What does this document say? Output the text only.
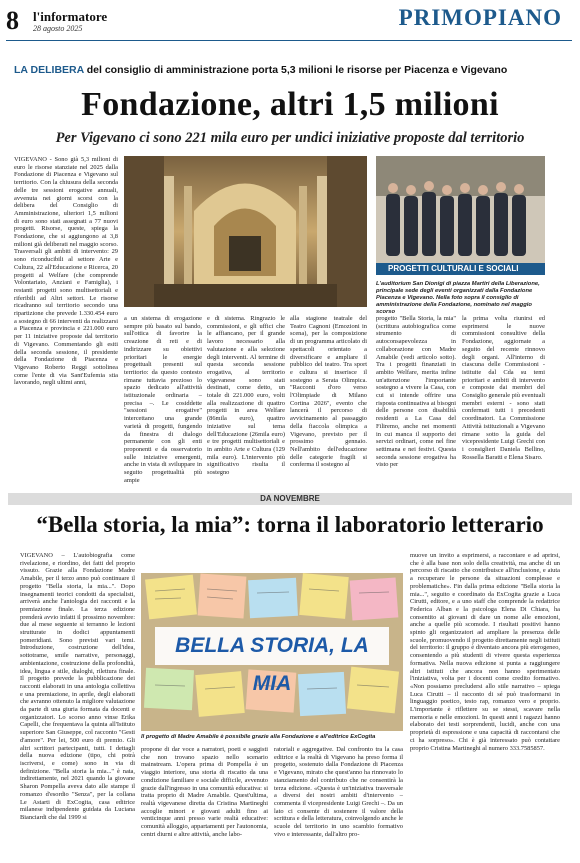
8 l'informatore
28 agosto 2025	PRIMOPIANO
LA DELIBERA del consiglio di amministrazione porta 5,3 milioni le risorse per Piacenza e Vigevano
Fondazione, altri 1,5 milioni
Per Vigevano ci sono 221 mila euro per undici iniziative proposte dal territorio
VIGEVANO - Sono già 5,3 milioni di euro le risorse stanziate nel 2025 dalla Fondazione di Piacenza e Vigevano sul territorio. Con la chiusura della seconda delle tre sessioni erogative annuali, avvenuta nei giorni scorsi con la delibera del Consiglio di Amministrazione, ulteriori 1,5 milioni di euro sono stati assegnati a 77 nuovi progetti. Risorse, queste, spiega la Fondazione, che si aggiungono ai 3,8 milioni già deliberati nel maggio scorso. Trasversali gli ambiti di intervento: 29 sono riconducibili al settore Arte e Cultura, 22 all'Educazione e Ricerca, 20 progetti al Welfare (che comprende Volontariato, Anziani e Famiglia), i restanti progetti sono multisettoriali e riferibili ad Altri settori. Le risorse ricadranno sul territorio secondo una ripartizione che prevede 1.330.454 euro a sostegno di 66 interventi da realizzarsi a Piacenza e provincia e 221.000 euro per 11 iniziative proposte dal territorio di Vigevano. Commentando gli esiti della seconda sessione, il presidente della Fondazione di Piacenza e Vigevano Roberto Reggi sottolinea come l'ente di via Sant'Eufemia stia lavorando, negli ultimi anni,
PROGETTI CULTURALI E SOCIALI
L'auditorium San Dionigi di piazza Martiri della Liberazione, principale sede degli eventi organizzati dalla Fondazione Piacenza e Vigevano. Nella foto sopra il consiglio di amministrazione della Fondazione, nominato nel maggio scorso
a un sistema di erogazione sempre più basato sul bando, sull'ottica di favorire la creazione di reti e di indirizzare su obiettivi prioritari le energie progettuali presenti sul territorio: da questo contesto rimane tuttavia prezioso lo spazio dedicato all'attività istituzionale ordinaria – precisa –. Le cosiddette "sessioni erogative" intercettano una grande varietà di progetti, fungendo da finestra di dialogo permanente con gli enti proponenti e da osservatorio sulle iniziative emergenti, anche in vista di sviluppare in seguito progettualità più ampie
e di sistema. Ringrazio le commissioni, e gli uffici che le affiancano, per il grande lavoro necessario alla valutazione e alla selezione degli interventi. Al termine di questa seconda sessione erogativa, al territorio vigevanese sono stati destinati, come detto, un totale di 221.000 euro, volti alla realizzazione di quattro progetti in area Welfare (86mila euro), quattro iniziative sul tema dell'Educazione (26mila euro) e tre progetti multisettoriali e in ambito Arte e Cultura (129 mila euro). L'intervento più significativo risulta il sostegno
alla stagione teatrale del Teatro Cagnoni (Emozioni in scena), per la composizione di un programma articolato di spettacoli orientato a diversificare e ampliare il pubblico del teatro. Tra sport e cultura si inserisce il sostegno a Serata Olimpica. "Racconti d'oro verso l'Olimpiade di Milano Cortina 2026", evento che lancerà il percorso di avvicinamento al passaggio della fiaccola olimpica a Vigevano, previsto per il prossimo gennaio. Nell'ambito dell'educazione delle categorie fragili si conferma il sostegno al
progetto "Bella Storia, la mia" (scrittura autobiografica come strumento di autoconsapevolezza in collaborazione con Madre Amabile (vedi articolo sotto). Tra i progetti finanziati in ambito Welfare, merita infine un'attenzione l'importante sostegno a vivere la Casa, con cui si intende offrire una risposta continuativa ai bisogni delle persone con disabilità residenti a La Casa del Filiremo, anche nei momenti in cui manca il supporto dei servizi ordinari, come nel fine settimana e nei festivi. Questa seconda sessione erogativa ha visto per
la prima volta riunirsi ed esprimersi le nuove commissioni consultive della Fondazione, aggiornate a seguito del recente rinnovo degli organi. All'interno di ciascuna delle Commissioni - istituite dal Cda su temi prioritari e ambiti di intervento e composte dai membri del Consiglio generale più eventuali membri esterni - sono stati confermati tutti i precedenti coordinatori. La Commissione Attività istituzionali a Vigevano rimane sotto la guida del vicepresidente Luigi Grechi con i consiglieri Daniela Bellino, Rossella Baratti e Elena Sisaro.
DA NOVEMBRE
“Bella storia, la mia”: torna il laboratorio letterario
VIGEVANO – L'autobiografia come rivelazione, e riordino, dei fatti del proprio vissuto. Grazie alla Fondazione Madre Amabile, per il terzo anno può continuare il progetto "Bella storia, la mia...". Dopo insegnamenti teorici condotti da specialisti, arriverà anche l'antologia dei racconti e la premiazione finale. La terza edizione prenderà avvio infatti il prossimo novembre: due al mese seguente si terranno le lezioni strutturate in dodici appuntamenti pomeridiani. Sono previsti vari temi. Introduzione, costruzione dell'idea, sottotrame, smile narrative, personaggi, ambientazione, costruzione della profondità, idea, lingua e stile, dialoghi, rilettura finale. Il progetto prevede la pubblicazione dei racconti elaborati in una antologia collettiva e una premiazione, in aprile, degli elaborati che avranno ottenuto la migliore valutazione da parte di una giuria formata da docenti e organizzatori. Lo scorso anno vinse Erika Capelli, che frequentava la quinta all'Istituto superiore San Giuseppe, col racconto "Gesti d'amore". Per lei, 500 euro di premio. Gli altri scrittori partecipanti, tutti. I dettagli della nuova edizione (tipo, chi potrà iscriversi, e come) sono in via di definizione. "Bella storia la mia..." è nata, indirettamente, nel 2021 quando la giovane Sharon Pompella aveva dato alle stampe il romanzo d'esordio "Senza", per la collana Le Astarti di ExCogita, casa editrice milanese indipendente guidata da Luciana Bianciardi che dal 1999 si
BELLA STORIA, LA MIA
Il progetto di Madre Amabile è possibile grazie alla Fondazione e all'editrice ExCogita
propone di dar voce a narratori, poeti e saggisti che non trovano spazio nello scenario mainstream. L'opera prima di Pompella è un viaggio interiore, una storia di riscatto da una condizione familiare e sociale difficile, avvenuto grazie dall'ingresso in una comunità educativa: si tratta proprio di Madre Amabile. Quest'ultima, realtà vigevanese diretta da Cristina Martineghi accoglie minori e giovani adulti fino ai venticinque anni presso varie realtà educative: comunità alloggio, appartamenti per l'autonomia, centri diurni e altre attività, anche labo-
ratoriali e aggregative. Dal confronto tra la casa editrice e la realtà di Vigevano ha preso forma il progetto, sostenuto dalla Fondazione di Piacenza e Vigevano, mirato che quest'anno ha rinnovato lo stanziamento del contributo che ne consentirà la terza edizione. «Questa è un'iniziativa trasversale a diversi dei nostri ambiti d'intervento – commenta il vicepresidente Luigi Grechi –. Da un lato ci consente di sostenere il valore della scrittura e della letteratura, coinvolgendo anche le scuole del territorio in uno scambio formativo vivo e interessante, dall'altro pro-
muove un invito a esprimersi, a raccontare e ad aprirsi, che è alla base non solo della creatività, ma anche di un percorso di riscatto che contribuisce all'inclusione, e aiuta a recuperare le persone da situazioni complesse e problematiche». Fin dalla prima edizione "Bella storia la mia...", seguito e coordinato da ExCogita grazie a Luca Cirutti, editore, e a uno staff che comprende la redattrice Federica Alban e la psicologa Elena Di Chiara, ha consentito ai giovani di dare un nome alle emozioni, anche a quelle più scomode. I risultati positivi hanno spinto gli organizzatori ad ampliare la presenza delle scuole, promuovendo il progetto direttamente negli istituti del territorio: il gruppo è diventato ancora più eterogeneo, consentendo a più studenti di vivere questa esperienza formativa. Nella nuova edizione si punta a raggiungere altri istituti che ancora non hanno sperimentato l'iniziativa, volta per i docenti come credito formativo. «Non possiamo precludersi allo stile narrativo – spiega Luca Cirutti – il racconto di sé può trasformarsi in linguaggio poetico, testo rap, romanzo vero e proprio. L'importante è riflettere su se stessi, scavare nella memoria e nelle emozioni. In questi anni i ragazzi hanno elaborato dei testi sorprendenti, lucidi, anche con una proprietà di espressione e una capacità di raccontarsi che ci ha sorpreso». Chi è già interessato può contattare proprio Cristina Martineghi al numero 333.7585857.
